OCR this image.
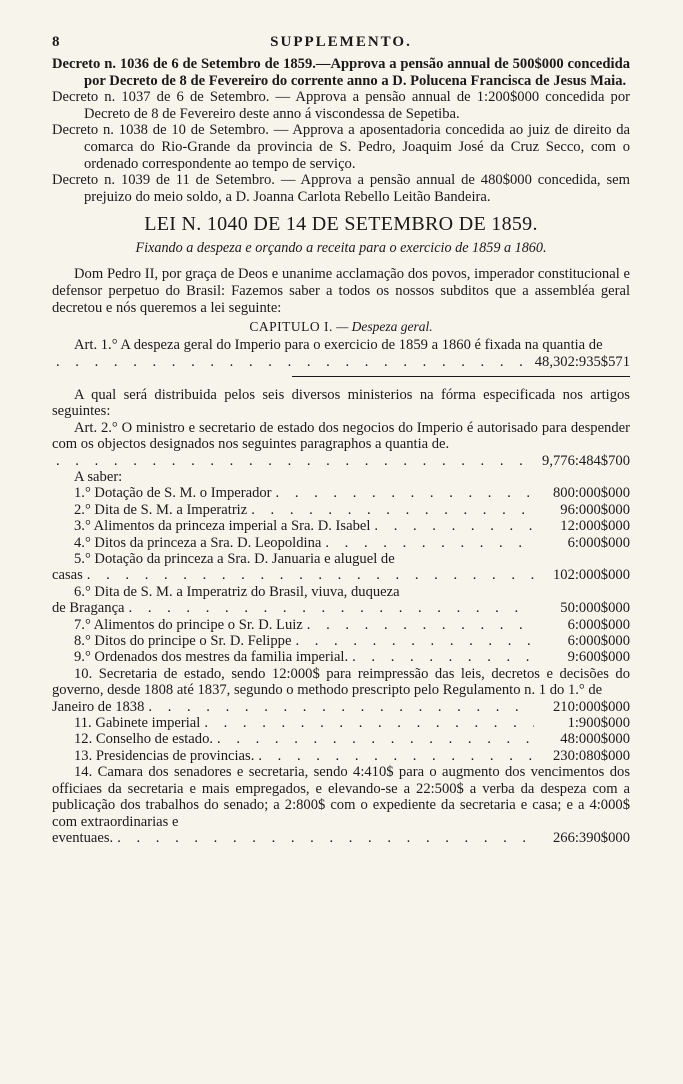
8	SUPPLEMENTO.

Decreto n. 1036 de 6 de Setembro de 1859.—Approva a pensão annual de 500$000 concedida por Decreto de 8 de Fevereiro do corrente anno a D. Polucena Francisca de Jesus Maia.

Decreto n. 1037 de 6 de Setembro. — Approva a pensão annual de 1:200$000 concedida por Decreto de 8 de Fevereiro deste anno á viscondessa de Sepetiba.

Decreto n. 1038 de 10 de Setembro. — Approva a aposentadoria concedida ao juiz de direito da comarca do Rio-Grande da provincia de S. Pedro, Joaquim José da Cruz Secco, com o ordenado correspondente ao tempo de serviço.

Decreto n. 1039 de 11 de Setembro. — Approva a pensão annual de 480$000 concedida, sem prejuizo do meio soldo, a D. Joanna Carlota Rebello Leitão Bandeira.

LEI N. 1040 DE 14 DE SETEMBRO DE 1859.
Fixando a despeza e orçando a receita para o exercicio de 1859 a 1860.

Dom Pedro II, por graça de Deos e unanime acclamação dos povos, imperador constitucional e defensor perpetuo do Brasil: Fazemos saber a todos os nossos subditos que a assembléa geral decretou e nós queremos a lei seguinte:

CAPITULO I. — Despeza geral.

Art. 1.° A despeza geral do Imperio para o exercicio de 1859 a 1860 é fixada na quantia de

. . .
48,302:935$571

A qual será distribuida pelos seis diversos ministerios na fórma especificada nos artigos seguintes:

Art. 2.° O ministro e secretario de estado dos negocios do Imperio é autorisado para despender com os objectos designados nos seguintes paragraphos a quantia de.

. . .
9,776:484$700
A saber:
1.° Dotação de S. M. o Imperador . . .	800:000$000
2.° Dita de S. M. a Imperatriz . . .	96:000$000
3.° Alimentos da princeza imperial a Sra. D. Isabel . . .	12:000$000
4.° Ditos da princeza a Sra. D. Leopoldina . . .	6:000$000

5.° Dotação da princeza a Sra. D. Januaria e aluguel de

casas . . .	102:000$000

6.° Dita de S. M. a Imperatriz do Brasil, viuva, duqueza

de Bragança . . .	50:000$000
7.° Alimentos do principe o Sr. D. Luiz . . .	6:000$000
8.° Ditos do principe o Sr. D. Felippe . . .	6:000$000
9.° Ordenados dos mestres da familia imperial. . . .	9:600$000

10. Secretaria de estado, sendo 12:000$ para reimpressão das leis, decretos e decisões do governo, desde 1808 até 1837, segundo o methodo prescripto pelo Regulamento n. 1 do 1.° de

Janeiro de 1838 . . .	210:000$000
11. Gabinete imperial . . .	1:900$000
12. Conselho de estado. . . .	48:000$000
13. Presidencias de provincias. . . .	230:080$000

14. Camara dos senadores e secretaria, sendo 4:410$ para o augmento dos vencimentos dos officiaes da secretaria e mais empregados, e elevando-se a 22:500$ a verba da despeza com a publicação dos trabalhos do senado; a 2:800$ com o expediente da secretaria e casa; e a 4:000$ com extraordinarias e

eventuaes. . . .	266:390$000
